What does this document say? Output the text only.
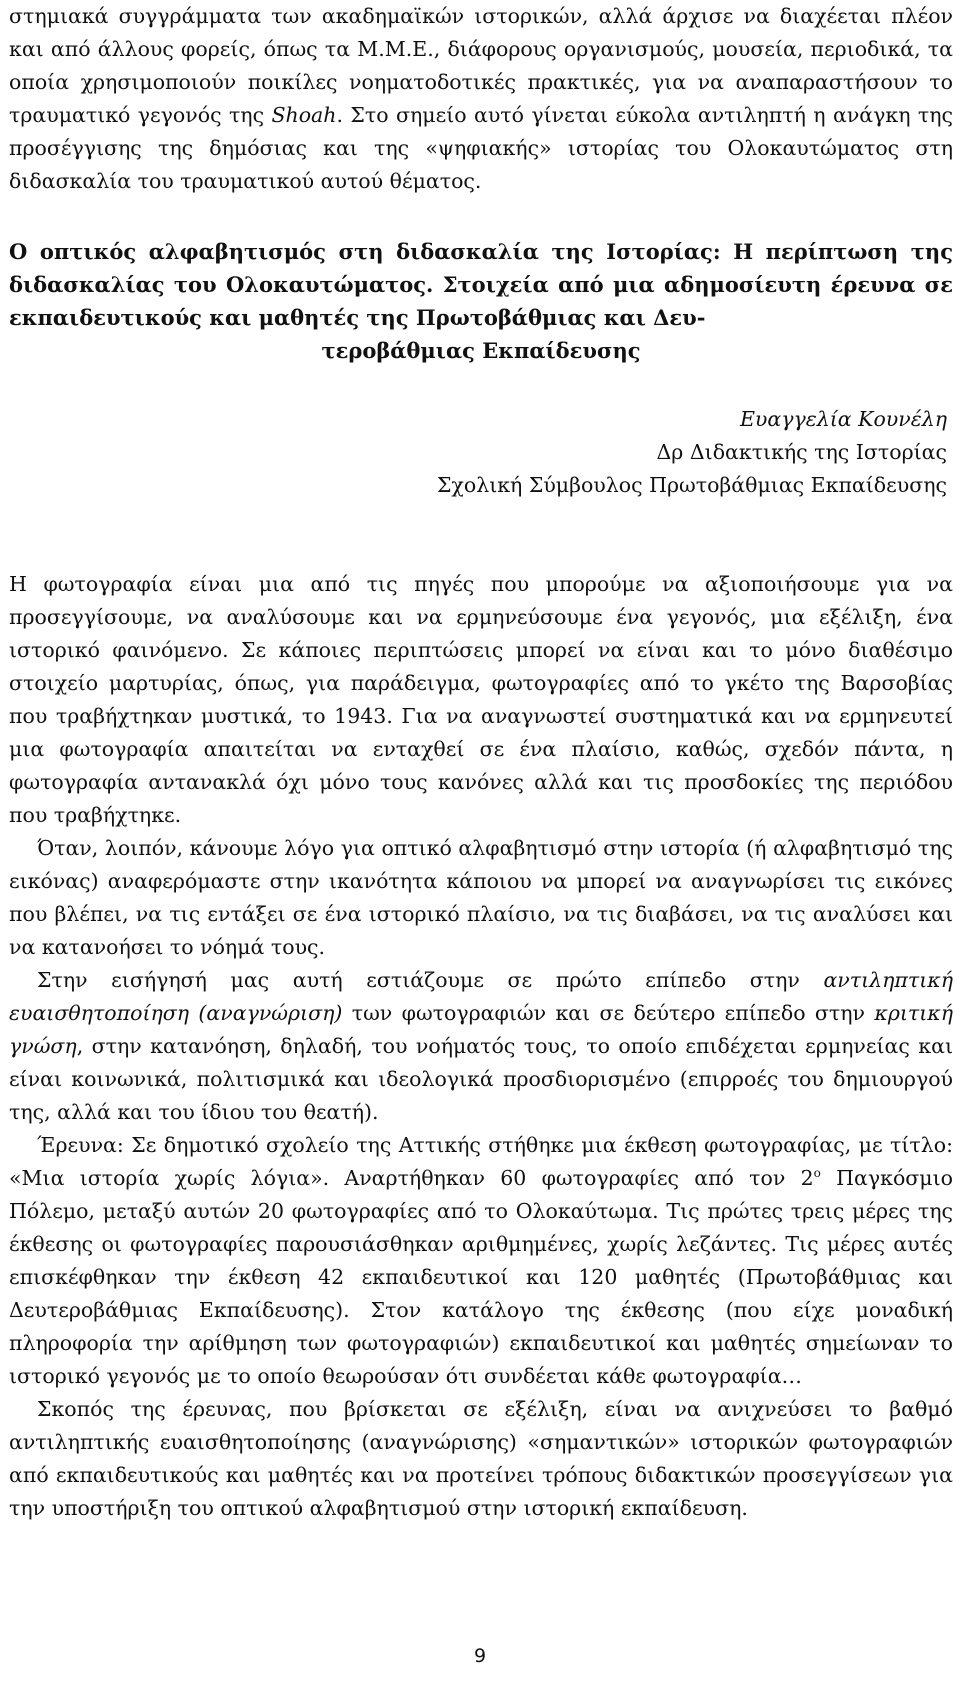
στημιακά συγγράμματα των ακαδημαϊκών ιστορικών, αλλά άρχισε να διαχέεται πλέον και από άλλους φορείς, όπως τα Μ.Μ.Ε., διάφορους οργανισμούς, μουσεία, περιοδικά, τα οποία χρησιμοποιούν ποικίλες νοηματοδοτικές πρακτικές, για να αναπαραστήσουν το τραυματικό γεγονός της Shoah. Στο σημείο αυτό γίνεται εύκολα αντιληπτή η ανάγκη της προσέγγισης της δημόσιας και της «ψηφιακής» ιστορίας του Ολοκαυτώματος στη διδασκαλία του τραυματικού αυτού θέματος.

Ο οπτικός αλφαβητισμός στη διδασκαλία της Ιστορίας: Η περίπτωση της διδασκαλίας του Ολοκαυτώματος. Στοιχεία από μια αδημοσίευτη έρευνα σε εκπαιδευτικούς και μαθητές της Πρωτοβάθμιας και Δευ-
τεροβάθμιας Εκπαίδευσης
Ευαγγελία Κουνέλη
Δρ Διδακτικής της Ιστορίας
Σχολική Σύμβουλος Πρωτοβάθμιας Εκπαίδευσης

Η φωτογραφία είναι μια από τις πηγές που μπορούμε να αξιοποιήσουμε για να προσεγγίσουμε, να αναλύσουμε και να ερμηνεύσουμε ένα γεγονός, μια εξέλιξη, ένα ιστορικό φαινόμενο. Σε κάποιες περιπτώσεις μπορεί να είναι και το μόνο διαθέσιμο στοιχείο μαρτυρίας, όπως, για παράδειγμα, φωτογραφίες από το γκέτο της Βαρσοβίας που τραβήχτηκαν μυστικά, το 1943. Για να αναγνωστεί συστηματικά και να ερμηνευτεί μια φωτογραφία απαιτείται να ενταχθεί σε ένα πλαίσιο, καθώς, σχεδόν πάντα, η φωτογραφία αντανακλά όχι μόνο τους κανόνες αλλά και τις προσδοκίες της περιόδου που τραβήχτηκε.

Όταν, λοιπόν, κάνουμε λόγο για οπτικό αλφαβητισμό στην ιστορία (ή αλφαβητισμό της εικόνας) αναφερόμαστε στην ικανότητα κάποιου να μπορεί να αναγνωρίσει τις εικόνες που βλέπει, να τις εντάξει σε ένα ιστορικό πλαίσιο, να τις διαβάσει, να τις αναλύσει και να κατανοήσει το νόημά τους.

Στην εισήγησή μας αυτή εστιάζουμε σε πρώτο επίπεδο στην αντιληπτική ευαισθητοποίηση (αναγνώριση) των φωτογραφιών και σε δεύτερο επίπεδο στην κριτική γνώση, στην κατανόηση, δηλαδή, του νοήματός τους, το οποίο επιδέχεται ερμηνείας και είναι κοινωνικά, πολιτισμικά και ιδεολογικά προσδιορισμένο (επιρροές του δημιουργού της, αλλά και του ίδιου του θεατή).

Έρευνα: Σε δημοτικό σχολείο της Αττικής στήθηκε μια έκθεση φωτογραφίας, με τίτλο: «Μια ιστορία χωρίς λόγια». Αναρτήθηκαν 60 φωτογραφίες από τον $2^o$ Παγκόσμιο Πόλεμο, μεταξύ αυτών 20 φωτογραφίες από το Ολοκαύτωμα. Τις πρώτες τρεις μέρες της έκθεσης οι φωτογραφίες παρουσιάσθηκαν αριθμημένες, χωρίς λεζάντες. Τις μέρες αυτές επισκέφθηκαν την έκθεση 42 εκπαιδευτικοί και 120 μαθητές (Πρωτοβάθμιας και Δευτεροβάθμιας Εκπαίδευσης). Στον κατάλογο της έκθεσης (που είχε μοναδική πληροφορία την αρίθμηση των φωτογραφιών) εκπαιδευτικοί και μαθητές σημείωναν το ιστορικό γεγονός με το οποίο θεωρούσαν ότι συνδέεται κάθε φωτογραφία…

Σκοπός της έρευνας, που βρίσκεται σε εξέλιξη, είναι να ανιχνεύσει το βαθμό αντιληπτικής ευαισθητοποίησης (αναγνώρισης) «σημαντικών» ιστορικών φωτογραφιών από εκπαιδευτικούς και μαθητές και να προτείνει τρόπους διδακτικών προσεγγίσεων για την υποστήριξη του οπτικού αλφαβητισμού στην ιστορική εκπαίδευση.

9
